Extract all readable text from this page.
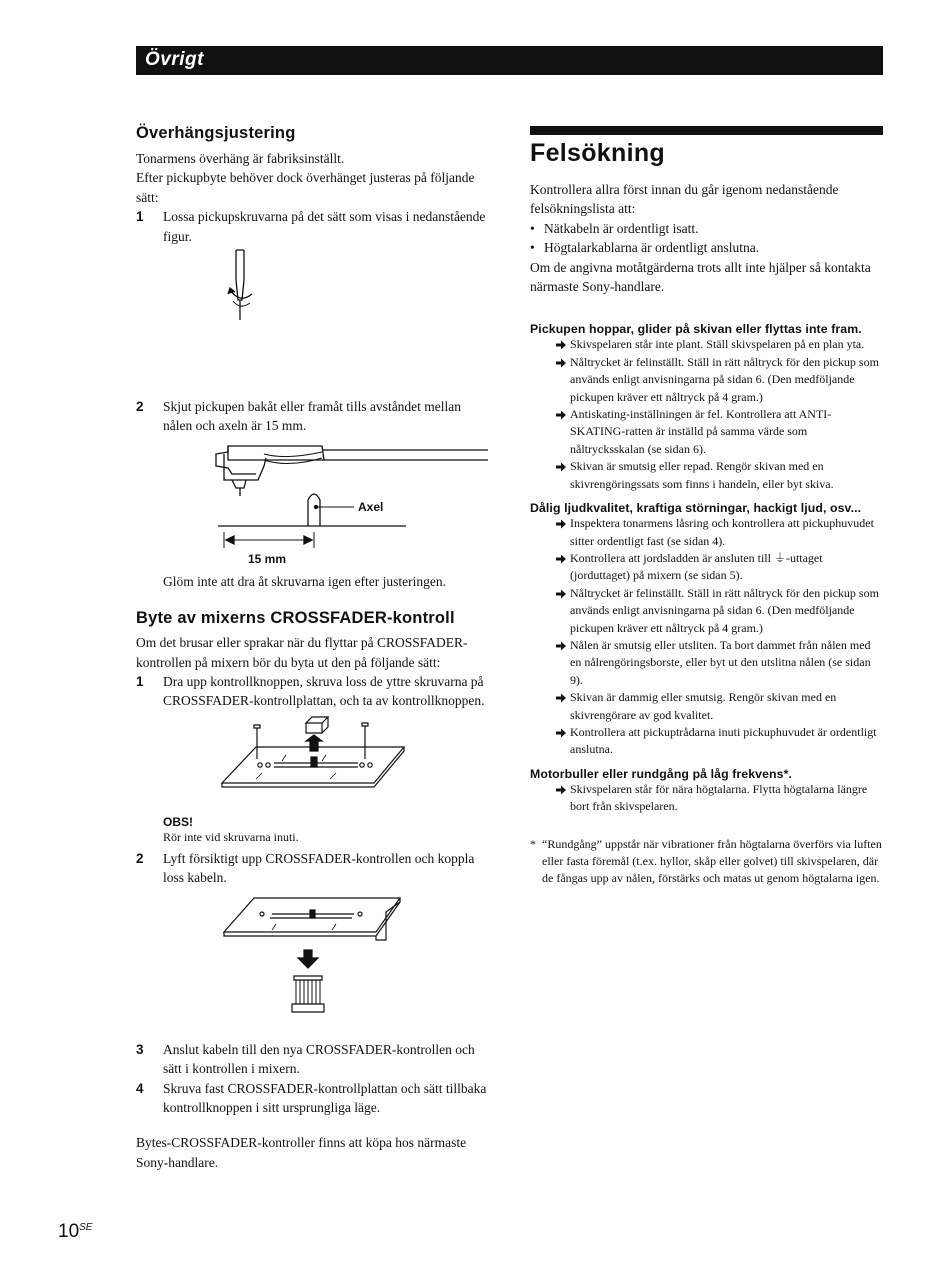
Övrigt
Överhängsjustering

Tonarmens överhäng är fabriksinställt.

Efter pickupbyte behöver dock överhänget justeras på följande sätt:

1 Lossa pickupskruvarna på det sätt som visas i nedanstående figur.
2 Skjut pickupen bakåt eller framåt tills avståndet mellan nålen och axeln är 15 mm.
Axel
15 mm

Glöm inte att dra åt skruvarna igen efter justeringen.

Byte av mixerns CROSSFADER-kontroll

Om det brusar eller sprakar när du flyttar på CROSSFADER-kontrollen på mixern bör du byta ut den på följande sätt:

1 Dra upp kontrollknoppen, skruva loss de yttre skruvarna på CROSSFADER-kontrollplattan, och ta av kontrollknoppen.
OBS!
Rör inte vid skruvarna inuti.
2 Lyft försiktigt upp CROSSFADER-kontrollen och koppla loss kabeln.
3 Anslut kabeln till den nya CROSSFADER-kontrollen och sätt i kontrollen i mixern.
4 Skruva fast CROSSFADER-kontrollplattan och sätt tillbaka kontrollknoppen i sitt ursprungliga läge.

Bytes-CROSSFADER-kontroller finns att köpa hos närmaste Sony-handlare.

Felsökning

Kontrollera allra först innan du går igenom nedanstående felsökningslista att:

• Nätkabeln är ordentligt isatt.
• Högtalarkablarna är ordentligt anslutna.

Om de angivna motåtgärderna trots allt inte hjälper så kontakta närmaste Sony-handlare.

Pickupen hoppar, glider på skivan eller flyttas inte fram.
Skivspelaren står inte plant. Ställ skivspelaren på en plan yta.
Nåltrycket är felinställt. Ställ in rätt nåltryck för den pickup som används enligt anvisningarna på sidan 6. (Den medföljande pickupen kräver ett nåltryck på 4 gram.)
Antiskating-inställningen är fel. Kontrollera att ANTI-SKATING-ratten är inställd på samma värde som nåltrycksskalan (se sidan 6).
Skivan är smutsig eller repad. Rengör skivan med en skivrengöringssats som finns i handeln, eller byt skiva.
Dålig ljudkvalitet, kraftiga störningar, hackigt ljud, osv...
Inspektera tonarmens låsring och kontrollera att pickuphuvudet sitter ordentligt fast (se sidan 4).
Kontrollera att jordsladden är ansluten till ⏚-uttaget (jorduttaget) på mixern (se sidan 5).
Nåltrycket är felinställt. Ställ in rätt nåltryck för den pickup som används enligt anvisningarna på sidan 6. (Den medföljande pickupen kräver ett nåltryck på 4 gram.)
Nålen är smutsig eller utsliten. Ta bort dammet från nålen med en nålrengöringsborste, eller byt ut den utslitna nålen (se sidan 9).
Skivan är dammig eller smutsig. Rengör skivan med en skivrengörare av god kvalitet.
Kontrollera att pickuptrådarna inuti pickuphuvudet är ordentligt anslutna.
Motorbuller eller rundgång på låg frekvens*.
Skivspelaren står för nära högtalarna. Flytta högtalarna längre bort från skivspelaren.
* “Rundgång” uppstår när vibrationer från högtalarna överförs via luften eller fasta föremål (t.ex. hyllor, skåp eller golvet) till skivspelaren, där de fångas upp av nålen, förstärks och matas ut genom högtalarna igen.
$10^{SE}$
